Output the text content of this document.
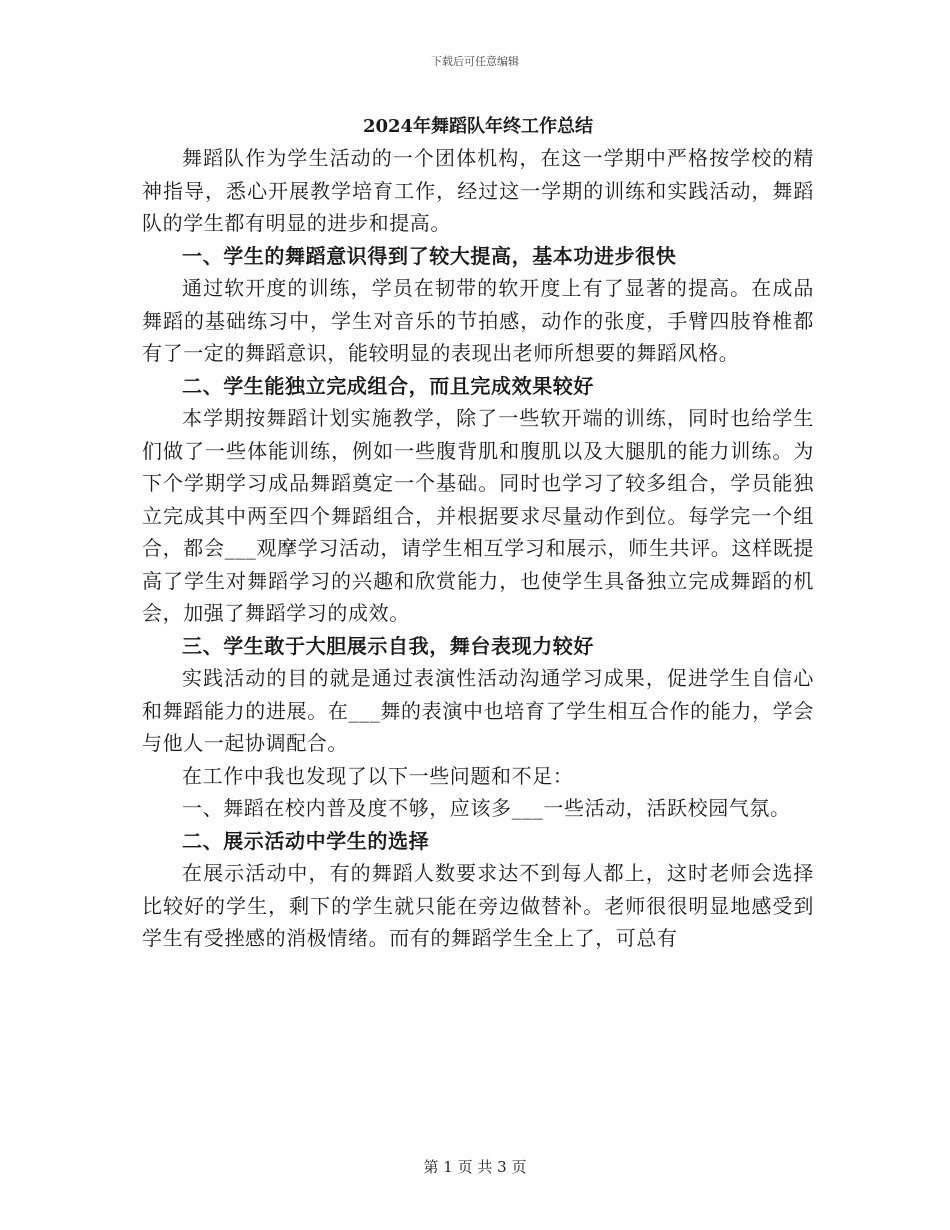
下载后可任意编辑
2024年舞蹈队年终工作总结

舞蹈队作为学生活动的一个团体机构，在这一学期中严格按学校的精神指导，悉心开展教学培育工作，经过这一学期的训练和实践活动，舞蹈队的学生都有明显的进步和提高。

一、学生的舞蹈意识得到了较大提高，基本功进步很快

通过软开度的训练，学员在韧带的软开度上有了显著的提高。在成品舞蹈的基础练习中，学生对音乐的节拍感，动作的张度，手臂四肢脊椎都有了一定的舞蹈意识，能较明显的表现出老师所想要的舞蹈风格。

二、学生能独立完成组合，而且完成效果较好

本学期按舞蹈计划实施教学，除了一些软开端的训练，同时也给学生们做了一些体能训练，例如一些腹背肌和腹肌以及大腿肌的能力训练。为下个学期学习成品舞蹈奠定一个基础。同时也学习了较多组合，学员能独立完成其中两至四个舞蹈组合，并根据要求尽量动作到位。每学完一个组合，都会___观摩学习活动，请学生相互学习和展示，师生共评。这样既提高了学生对舞蹈学习的兴趣和欣赏能力，也使学生具备独立完成舞蹈的机会，加强了舞蹈学习的成效。

三、学生敢于大胆展示自我，舞台表现力较好

实践活动的目的就是通过表演性活动沟通学习成果，促进学生自信心和舞蹈能力的进展。在___舞的表演中也培育了学生相互合作的能力，学会与他人一起协调配合。

在工作中我也发现了以下一些问题和不足：

一、舞蹈在校内普及度不够，应该多___一些活动，活跃校园气氛。

二、展示活动中学生的选择

在展示活动中，有的舞蹈人数要求达不到每人都上，这时老师会选择比较好的学生，剩下的学生就只能在旁边做替补。老师很很明显地感受到学生有受挫感的消极情绪。而有的舞蹈学生全上了，可总有

第 1 页 共 3 页
